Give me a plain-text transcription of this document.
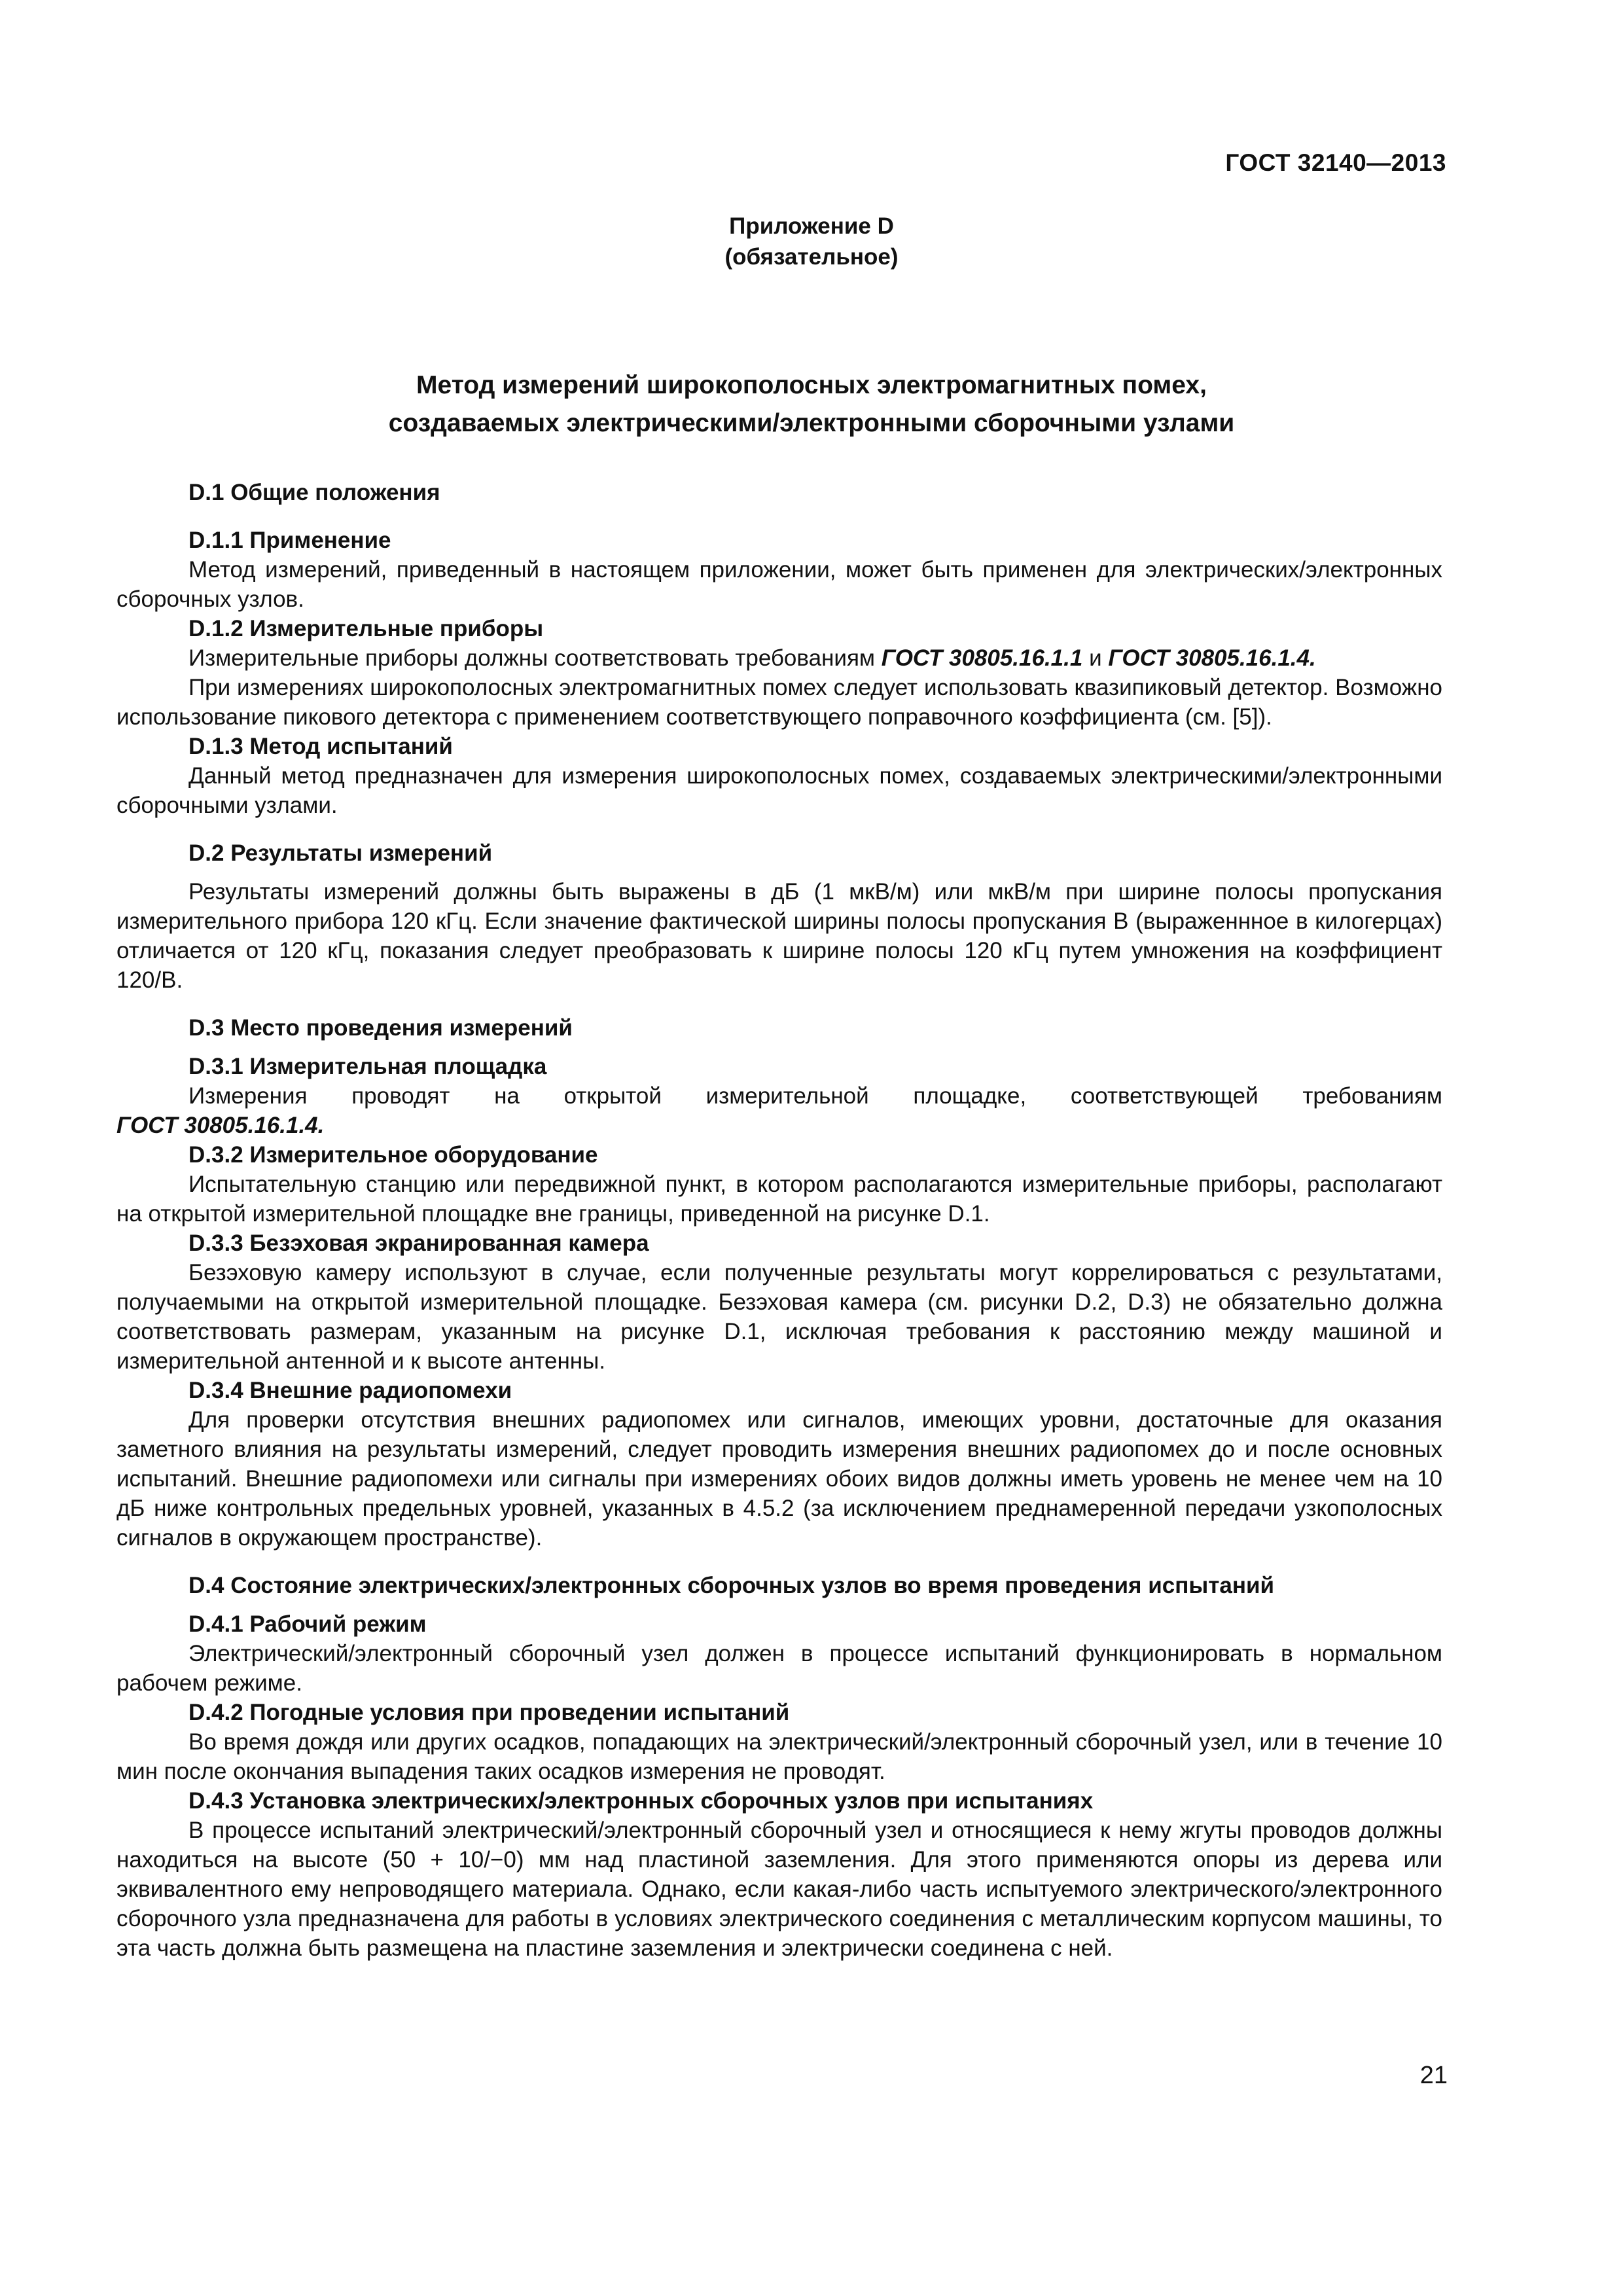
ГОСТ 32140—2013
Приложение D
(обязательное)
Метод измерений широкополосных электромагнитных помех,
создаваемых электрическими/электронными сборочными узлами
D.1 Общие положения
D.1.1 Применение

Метод измерений, приведенный в настоящем приложении, может быть применен для электрических/электронных сборочных узлов.

D.1.2 Измерительные приборы

Измерительные приборы должны соответствовать требованиям ГОСТ 30805.16.1.1 и ГОСТ 30805.16.1.4.

При измерениях широкополосных электромагнитных помех следует использовать квазипиковый детектор. Возможно использование пикового детектора с применением соответствующего поправочного коэффициента (см. [5]).

D.1.3 Метод испытаний

Данный метод предназначен для измерения широкополосных помех, создаваемых электрическими/электронными сборочными узлами.

D.2 Результаты измерений

Результаты измерений должны быть выражены в дБ (1 мкВ/м) или мкВ/м при ширине полосы пропускания измерительного прибора 120 кГц. Если значение фактической ширины полосы пропускания B (выраженнное в килогерцах) отличается от 120 кГц, показания следует преобразовать к ширине полосы 120 кГц путем умножения на коэффициент 120/B.

D.3 Место проведения измерений
D.3.1 Измерительная площадка

Измерения проводят на открытой измерительной площадке, соответствующей требованиям

ГОСТ 30805.16.1.4.
D.3.2 Измерительное оборудование

Испытательную станцию или передвижной пункт, в котором располагаются измерительные приборы, располагают на открытой измерительной площадке вне границы, приведенной на рисунке D.1.

D.3.3 Безэховая экранированная камера

Безэховую камеру используют в случае, если полученные результаты могут коррелироваться с результатами, получаемыми на открытой измерительной площадке. Безэховая камера (см. рисунки D.2, D.3) не обязательно должна соответствовать размерам, указанным на рисунке D.1, исключая требования к расстоянию между машиной и измерительной антенной и к высоте антенны.

D.3.4 Внешние радиопомехи

Для проверки отсутствия внешних радиопомех или сигналов, имеющих уровни, достаточные для оказания заметного влияния на результаты измерений, следует проводить измерения внешних радиопомех до и после основных испытаний. Внешние радиопомехи или сигналы при измерениях обоих видов должны иметь уровень не менее чем на 10 дБ ниже контрольных предельных уровней, указанных в 4.5.2 (за исключением преднамеренной передачи узкополосных сигналов в окружающем пространстве).

D.4 Состояние электрических/электронных сборочных узлов во время проведения испытаний
D.4.1 Рабочий режим

Электрический/электронный сборочный узел должен в процессе испытаний функционировать в нормальном рабочем режиме.

D.4.2 Погодные условия при проведении испытаний

Во время дождя или других осадков, попадающих на электрический/электронный сборочный узел, или в течение 10 мин после окончания выпадения таких осадков измерения не проводят.

D.4.3 Установка электрических/электронных сборочных узлов при испытаниях

В процессе испытаний электрический/электронный сборочный узел и относящиеся к нему жгуты проводов должны находиться на высоте (50 + 10/−0) мм над пластиной заземления. Для этого применяются опоры из дерева или эквивалентного ему непроводящего материала. Однако, если какая-либо часть испытуемого электрического/электронного сборочного узла предназначена для работы в условиях электрического соединения с металлическим корпусом машины, то эта часть должна быть размещена на пластине заземления и электрически соединена с ней.

21
